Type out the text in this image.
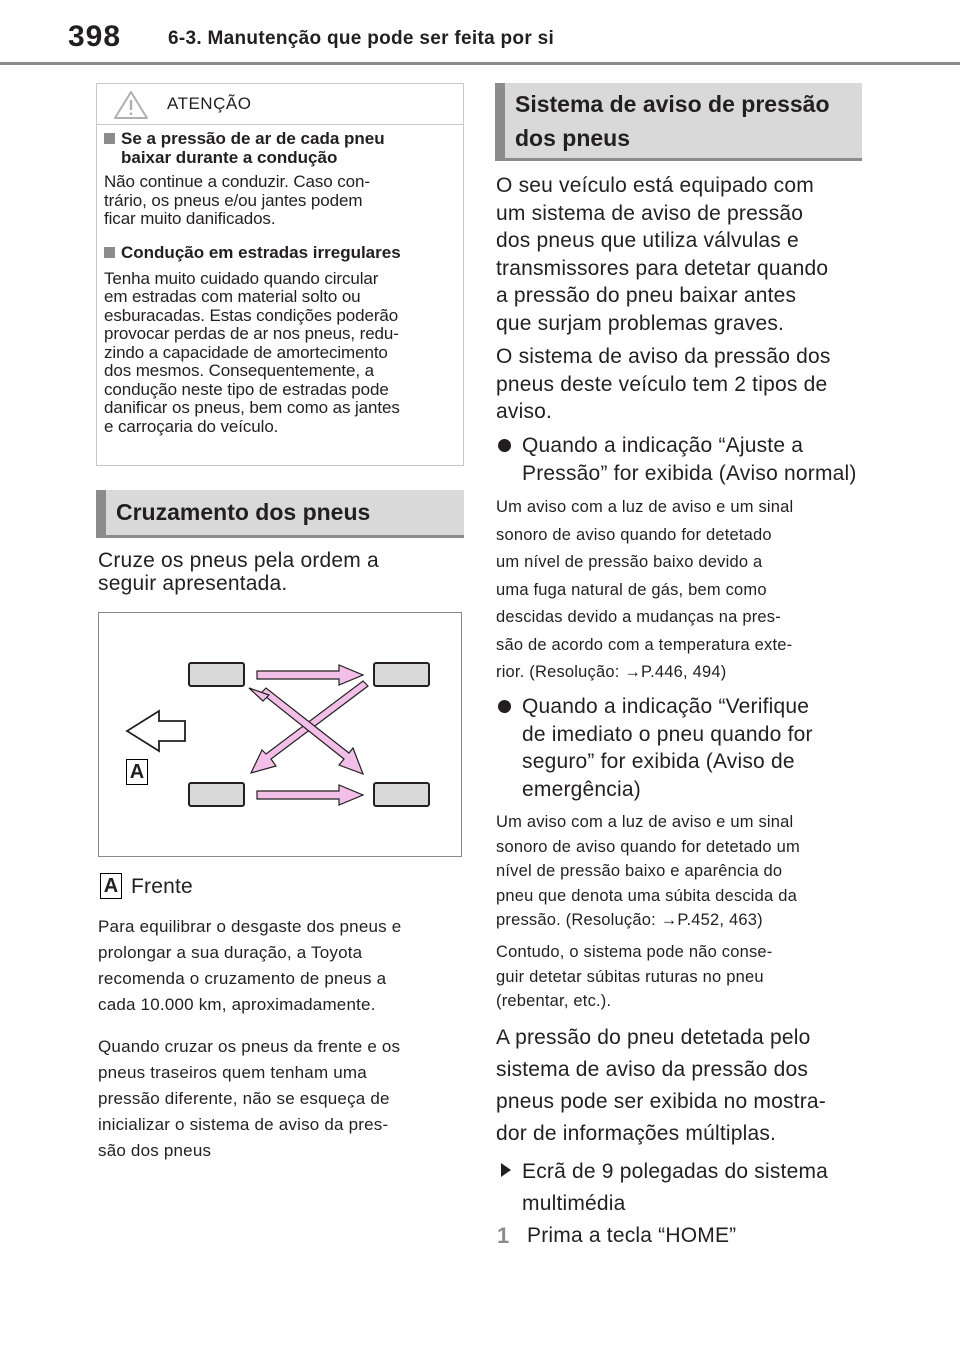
398 6-3. Manutenção que pode ser feita por si
ATENÇÃO
Se a pressão de ar de cada pneu
baixar durante a condução
Não continue a conduzir. Caso con-
trário, os pneus e/ou jantes podem
ficar muito danificados.
Condução em estradas irregulares
Tenha muito cuidado quando circular
em estradas com material solto ou
esburacadas. Estas condições poderão
provocar perdas de ar nos pneus, redu-
zindo a capacidade de amortecimento
dos mesmos. Consequentemente, a
condução neste tipo de estradas pode
danificar os pneus, bem como as jantes
e carroçaria do veículo.
Cruzamento dos pneus
Cruze os pneus pela ordem a
seguir apresentada.
A
A Frente
Para equilibrar o desgaste dos pneus e
prolongar a sua duração, a Toyota
recomenda o cruzamento de pneus a
cada 10.000 km, aproximadamente.
Quando cruzar os pneus da frente e os
pneus traseiros quem tenham uma
pressão diferente, não se esqueça de
inicializar o sistema de aviso da pres-
são dos pneus
Sistema de aviso de pressão
dos pneus
O seu veículo está equipado com
um sistema de aviso de pressão
dos pneus que utiliza válvulas e
transmissores para detetar quando
a pressão do pneu baixar antes
que surjam problemas graves.
O sistema de aviso da pressão dos
pneus deste veículo tem 2 tipos de
aviso.
Quando a indicação “Ajuste a
Pressão” for exibida (Aviso normal)
Um aviso com a luz de aviso e um sinal
sonoro de aviso quando for detetado
um nível de pressão baixo devido a
uma fuga natural de gás, bem como
descidas devido a mudanças na pres-
são de acordo com a temperatura exte-
rior. (Resolução: →P.446, 494)
Quando a indicação “Verifique
de imediato o pneu quando for
seguro” for exibida (Aviso de
emergência)
Um aviso com a luz de aviso e um sinal
sonoro de aviso quando for detetado um
nível de pressão baixo e aparência do
pneu que denota uma súbita descida da
pressão. (Resolução: →P.452, 463)
Contudo, o sistema pode não conse-
guir detetar súbitas ruturas no pneu
(rebentar, etc.).
A pressão do pneu detetada pelo
sistema de aviso da pressão dos
pneus pode ser exibida no mostra-
dor de informações múltiplas.
Ecrã de 9 polegadas do sistema
multimédia
1 Prima a tecla “HOME”
